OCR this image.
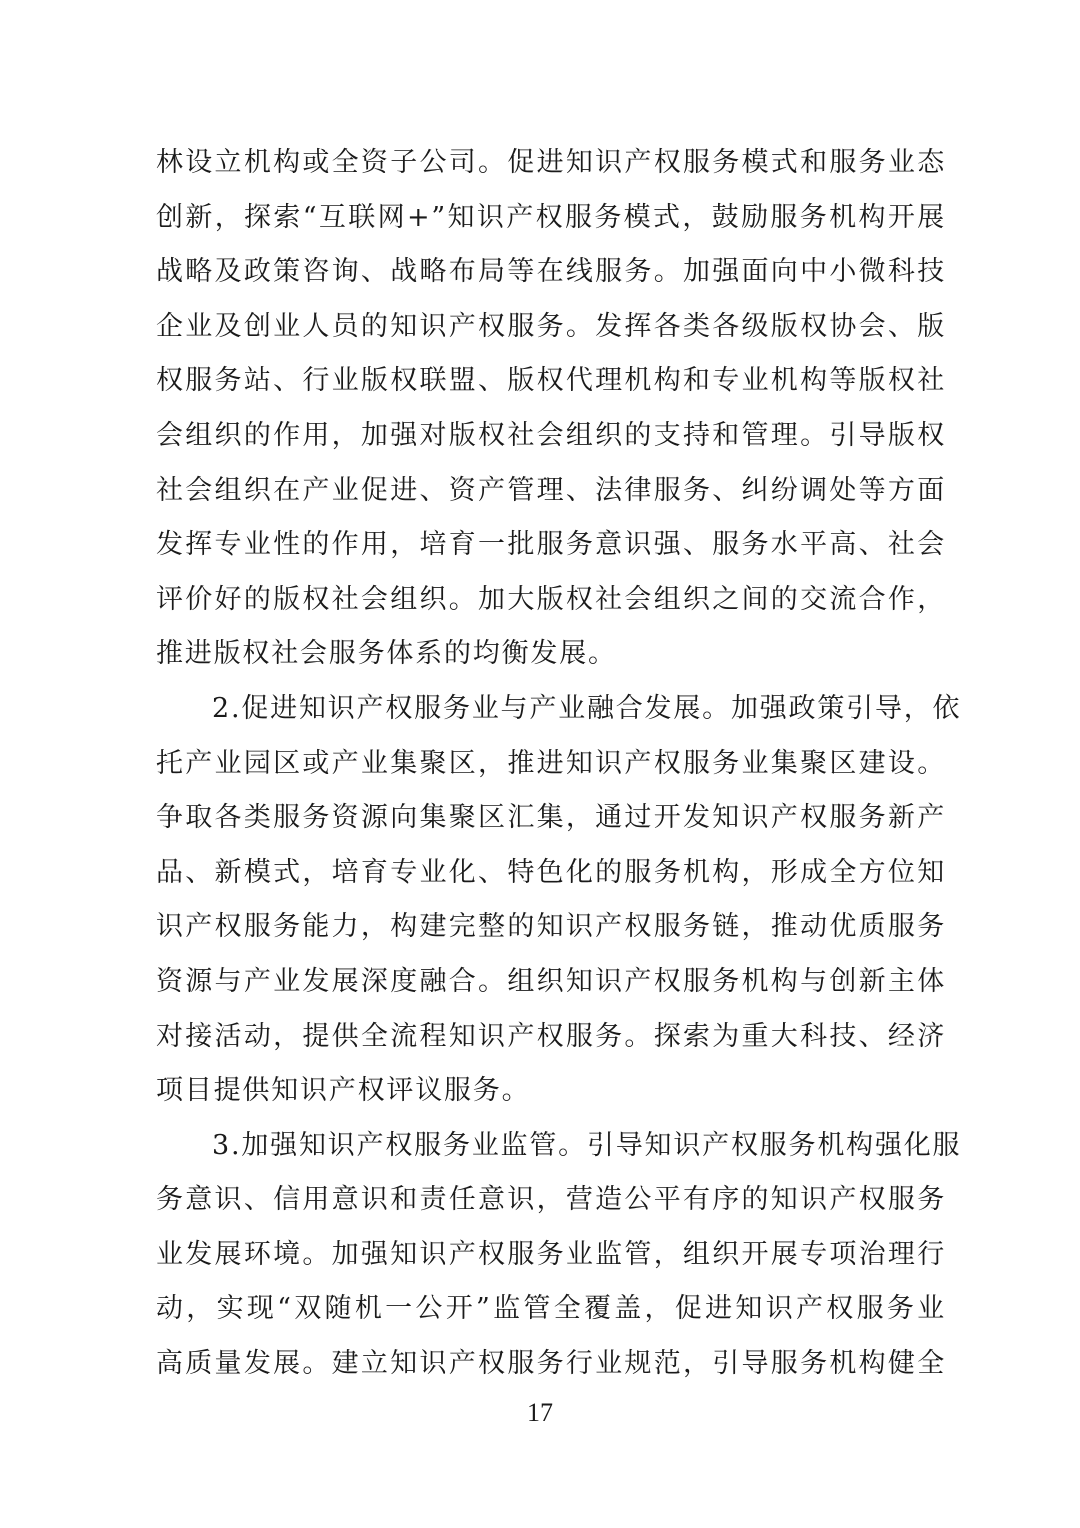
林设立机构或全资子公司。促进知识产权服务模式和服务业态
创新，探索“互联网+”知识产权服务模式，鼓励服务机构开展
战略及政策咨询、战略布局等在线服务。加强面向中小微科技
企业及创业人员的知识产权服务。发挥各类各级版权协会、版
权服务站、行业版权联盟、版权代理机构和专业机构等版权社
会组织的作用，加强对版权社会组织的支持和管理。引导版权
社会组织在产业促进、资产管理、法律服务、纠纷调处等方面
发挥专业性的作用，培育一批服务意识强、服务水平高、社会
评价好的版权社会组织。加大版权社会组织之间的交流合作，
推进版权社会服务体系的均衡发展。
2.促进知识产权服务业与产业融合发展。加强政策引导，依
托产业园区或产业集聚区，推进知识产权服务业集聚区建设。
争取各类服务资源向集聚区汇集，通过开发知识产权服务新产
品、新模式，培育专业化、特色化的服务机构，形成全方位知
识产权服务能力，构建完整的知识产权服务链，推动优质服务
资源与产业发展深度融合。组织知识产权服务机构与创新主体
对接活动，提供全流程知识产权服务。探索为重大科技、经济
项目提供知识产权评议服务。
3.加强知识产权服务业监管。引导知识产权服务机构强化服
务意识、信用意识和责任意识，营造公平有序的知识产权服务
业发展环境。加强知识产权服务业监管，组织开展专项治理行
动，实现“双随机一公开”监管全覆盖，促进知识产权服务业
高质量发展。建立知识产权服务行业规范，引导服务机构健全
17
